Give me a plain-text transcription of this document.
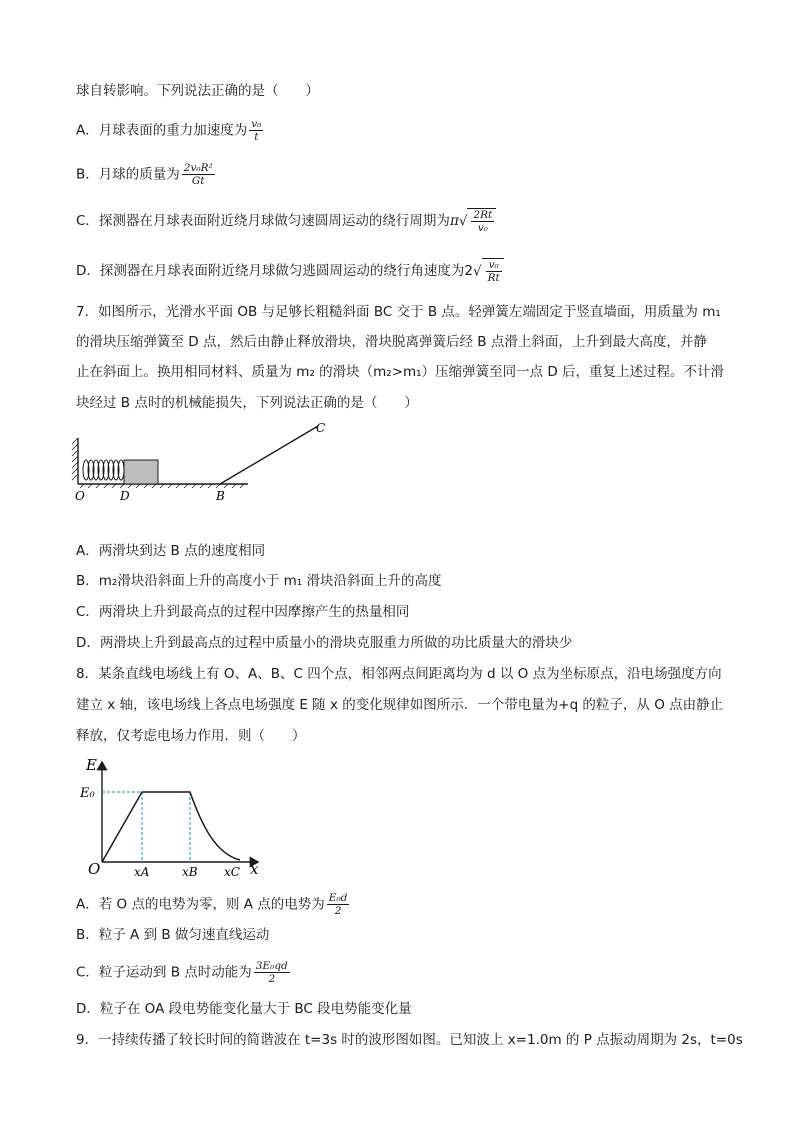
球自转影响。下列说法正确的是（　　）
A．月球表面的重力加速度为 $\frac{\text{v₀}}{t}$
B．月球的质量为 $\frac{\text{2v₀R²}}{Gt}$
C．探测器在月球表面附近绕月球做匀速圆周运动的绕行周期为$\pi√ \frac{2Rt}{\text{v₀}}$
D．探测器在月球表面附近绕月球做匀逃圆周运动的绕行角速度为$2√ \frac{\text{v₀}}{Rt}$
7．如图所示，光滑水平面 OB 与足够长粗糙斜面 BC 交于 B 点。轻弹簧左端固定于竖直墙面，用质量为 m₁
的滑块压缩弹簧至 D 点，然后由静止释放滑块，滑块脱离弹簧后经 B 点滑上斜面，上升到最大高度，并静
止在斜面上。换用相同材料、质量为 m₂ 的滑块（m₂>m₁）压缩弹簧至同一点 D 后，重复上述过程。不计滑
块经过 B 点时的机械能损失，下列说法正确的是（　　）
O	D	B
C
A．两滑块到达 B 点的速度相同
B．m₂滑块沿斜面上升的高度小于 m₁ 滑块沿斜面上升的高度
C．两滑块上升到最高点的过程中因摩擦产生的热量相同
D．两滑块上升到最高点的过程中质量小的滑块克服重力所做的功比质量大的滑块少
8．某条直线电场线上有 O、A、B、C 四个点，相邻两点间距离均为 d 以 O 点为坐标原点，沿电场强度方向
建立 x 轴，该电场线上各点电场强度 E 随 x 的变化规律如图所示．一个带电量为+q 的粒子，从 O 点由静止
释放，仅考虑电场力作用．则（　　）
E
E₀
O	xA	xB xC x
A．若 O 点的电势为零，则 A 点的电势为 $\frac{\text{E₀d}}{2}$
B．粒子 A 到 B 做匀速直线运动
C．粒子运动到 B 点时动能为 $\frac{\text{3E₀qd}}{2}$
D．粒子在 OA 段电势能变化量大于 BC 段电势能变化量
9．一持续传播了较长时间的简谐波在 t=3s 时的波形图如图。已知波上 x=1.0m 的 P 点振动周期为 2s，t=0s
